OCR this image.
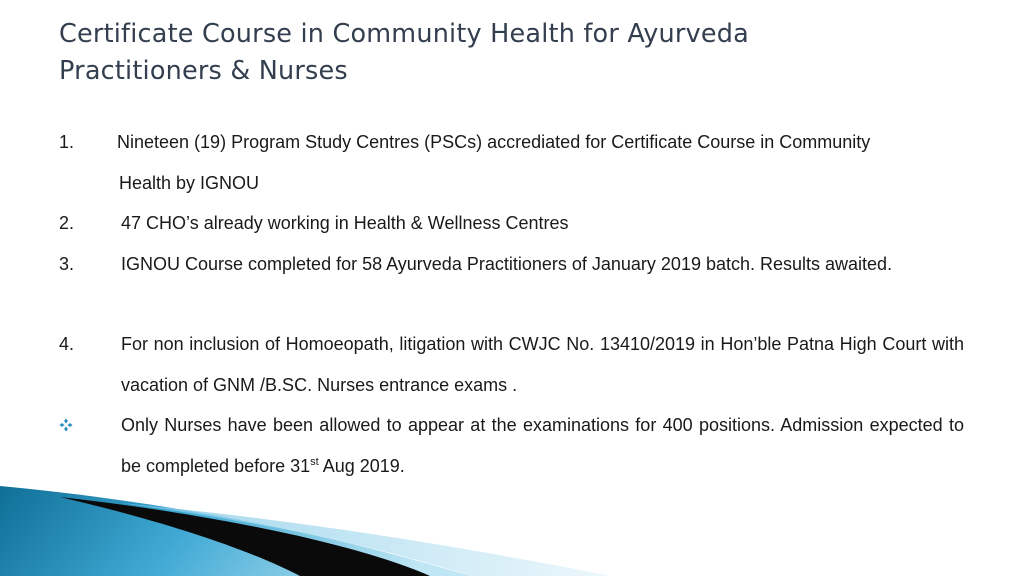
Certificate Course in Community Health for Ayurveda
Practitioners & Nurses
1. Nineteen (19) Program Study Centres (PSCs) accrediated for Certificate Course in Community
Health by IGNOU
2.	47 CHO’s already working in Health & Wellness Centres
3.	IGNOU Course completed for 58 Ayurveda Practitioners of January 2019 batch. Results awaited.
4.	For non inclusion of Homoeopath, litigation with CWJC No. 13410/2019 in Hon’ble Patna High Court with vacation of GNM /B.SC. Nurses entrance exams .
Only Nurses have been allowed to appear at the examinations for 400 positions. Admission expected to be completed before 31st Aug 2019.
